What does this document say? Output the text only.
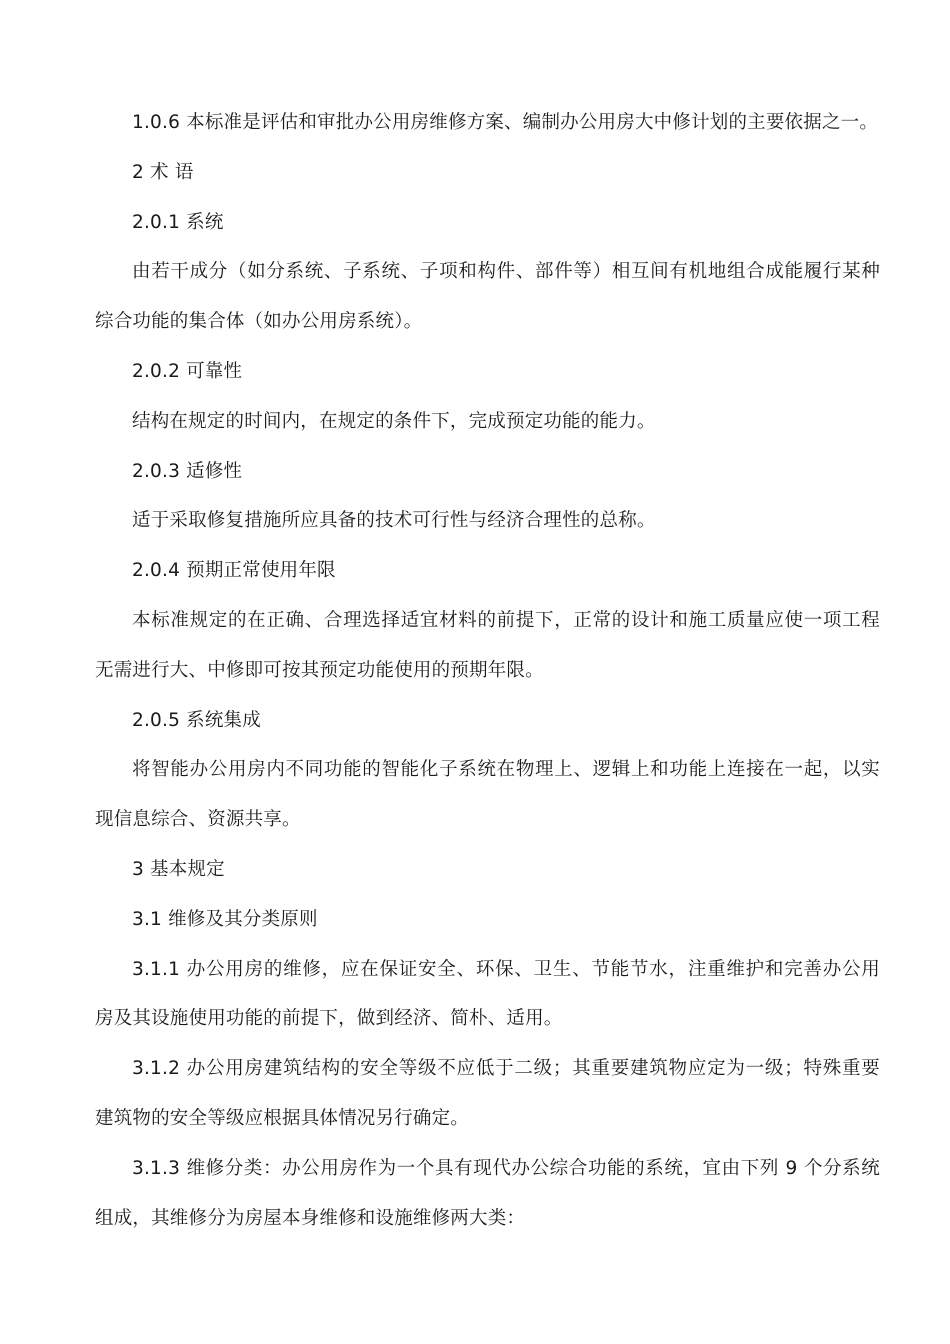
1.0.6 本标准是评估和审批办公用房维修方案、编制办公用房大中修计划的主要依据之一。
2 术 语
2.0.1 系统
由若干成分（如分系统、子系统、子项和构件、部件等）相互间有机地组合成能履行某种
综合功能的集合体（如办公用房系统）。
2.0.2 可靠性
结构在规定的时间内，在规定的条件下，完成预定功能的能力。
2.0.3 适修性
适于采取修复措施所应具备的技术可行性与经济合理性的总称。
2.0.4 预期正常使用年限
本标准规定的在正确、合理选择适宜材料的前提下，正常的设计和施工质量应使一项工程
无需进行大、中修即可按其预定功能使用的预期年限。
2.0.5 系统集成
将智能办公用房内不同功能的智能化子系统在物理上、逻辑上和功能上连接在一起，以实
现信息综合、资源共享。
3 基本规定
3.1 维修及其分类原则
3.1.1 办公用房的维修，应在保证安全、环保、卫生、节能节水，注重维护和完善办公用
房及其设施使用功能的前提下，做到经济、简朴、适用。
3.1.2 办公用房建筑结构的安全等级不应低于二级；其重要建筑物应定为一级；特殊重要
建筑物的安全等级应根据具体情况另行确定。
3.1.3 维修分类：办公用房作为一个具有现代办公综合功能的系统，宜由下列 9 个分系统
组成，其维修分为房屋本身维修和设施维修两大类：
